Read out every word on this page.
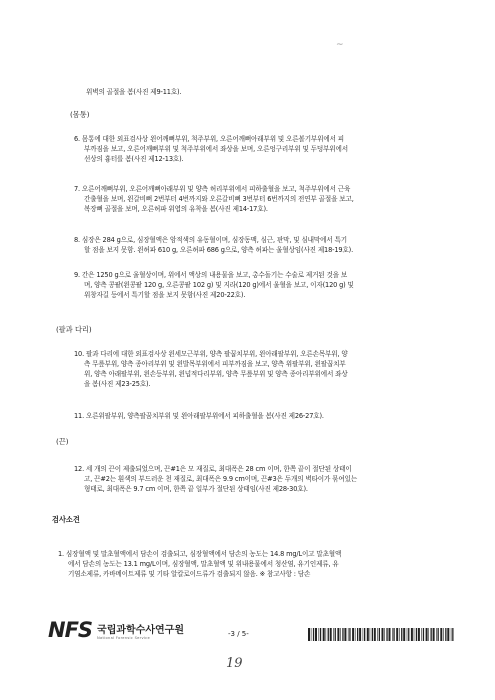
~
위벽의 골절을 봄(사진 제9-11호).
6. 몸통에 대한 외표검사상 왼어깨뼈부위, 척주부위, 오른어깨뼈아래부위 및 오른볼기부위에서 피
부까짐을 보고, 오른어깨뼈부위 및 척주부위에서 좌상을 보며, 오른엉구리부위 및 두덩부위에서
선상의 흉터를 봄(사진 제12-13호).
7. 오른어깨뼈부위, 오른어깨뼈아래부위 및 양측 허리부위에서 피하출혈을 보고, 척주부위에서 근육
간출혈을 보며, 왼갈비뼈 2번부터 4번까지와 오른갈비뼈 3번부터 6번까지의 전연부 골절을 보고,
복장뼈 골절을 보며, 오른허파 위엽의 유착을 봄(사진 제14-17호).
8. 심장은 284 g으로, 심장혈액은 암적색의 유동혈이며, 심장동맥, 심근, 판막, 및 심내막에서 특기
할 점을 보지 못함. 왼허파 610 g, 오른허파 686 g으로, 양측 허파는 울혈상임(사진 제18-19호).
9. 간은 1250 g으로 울혈상이며, 위에서 액상의 내용물을 보고, 총수돌기는 수술로 제거된 것을 보
며, 양측 콩팥(왼콩팥 120 g, 오른콩팥 102 g) 및 지라(120 g)에서 울혈을 보고, 이자(120 g) 및
위창자길 등에서 특기할 점을 보지 못함(사진 제20-22호).
10. 팔과 다리에 대한 외표검사상 왼세모근부위, 양측 팔꿉치부위, 왼아래팔부위, 오른손목부위, 양
측 무릎부위, 양측 종아리부위 및 왼발목부위에서 피부까짐을 보고, 양측 위팔부위, 왼팔꿉치부
위, 양측 아래팔부위, 왼손등부위, 왼넙적다리부위, 양측 무릎부위 및 양측 종아리부위에서 좌상
을 봄(사진 제23-25호).
11. 오른위팔부위, 양측팔꿈치부위 및 왼아래팔부위에서 피하출혈을 봄(사진 제26-27호).
12. 세 개의 끈이 제출되었으며, 끈#1은 모 재질로, 최대폭은 28 cm 이며, 한쪽 끝이 절단된 상태이
고, 끈#2는 흰색의 부드러운 천 재질로, 최대폭은 9.9 cm이며, 끈#3은 두개의 벽타이가 묶여있는
형태로, 최대폭은 9.7 cm 이며, 한쪽 끝 일부가 절단된 상태임(사진 제28-30호).
1. 심장혈액 및 말초혈액에서 담손이 검출되고, 심장혈액에서 담손의 농도는 14.8 mg/L이고 말초혈액
에서 담손의 농도는 13.1 mg/L이며, 심장혈액, 말초혈액 및 위내용물에서 청산염, 유기인제류, 유
기염소제류, 카바메이트제류 및 기타 알칼로이드류가 검출되지 않음. ※ 참고사항 : 담손
(몸통)
(팔과 다리)
(끈)
검사소견
NFS 국립과학수사연구원
National Forensic Service	-3 / 5-
19
